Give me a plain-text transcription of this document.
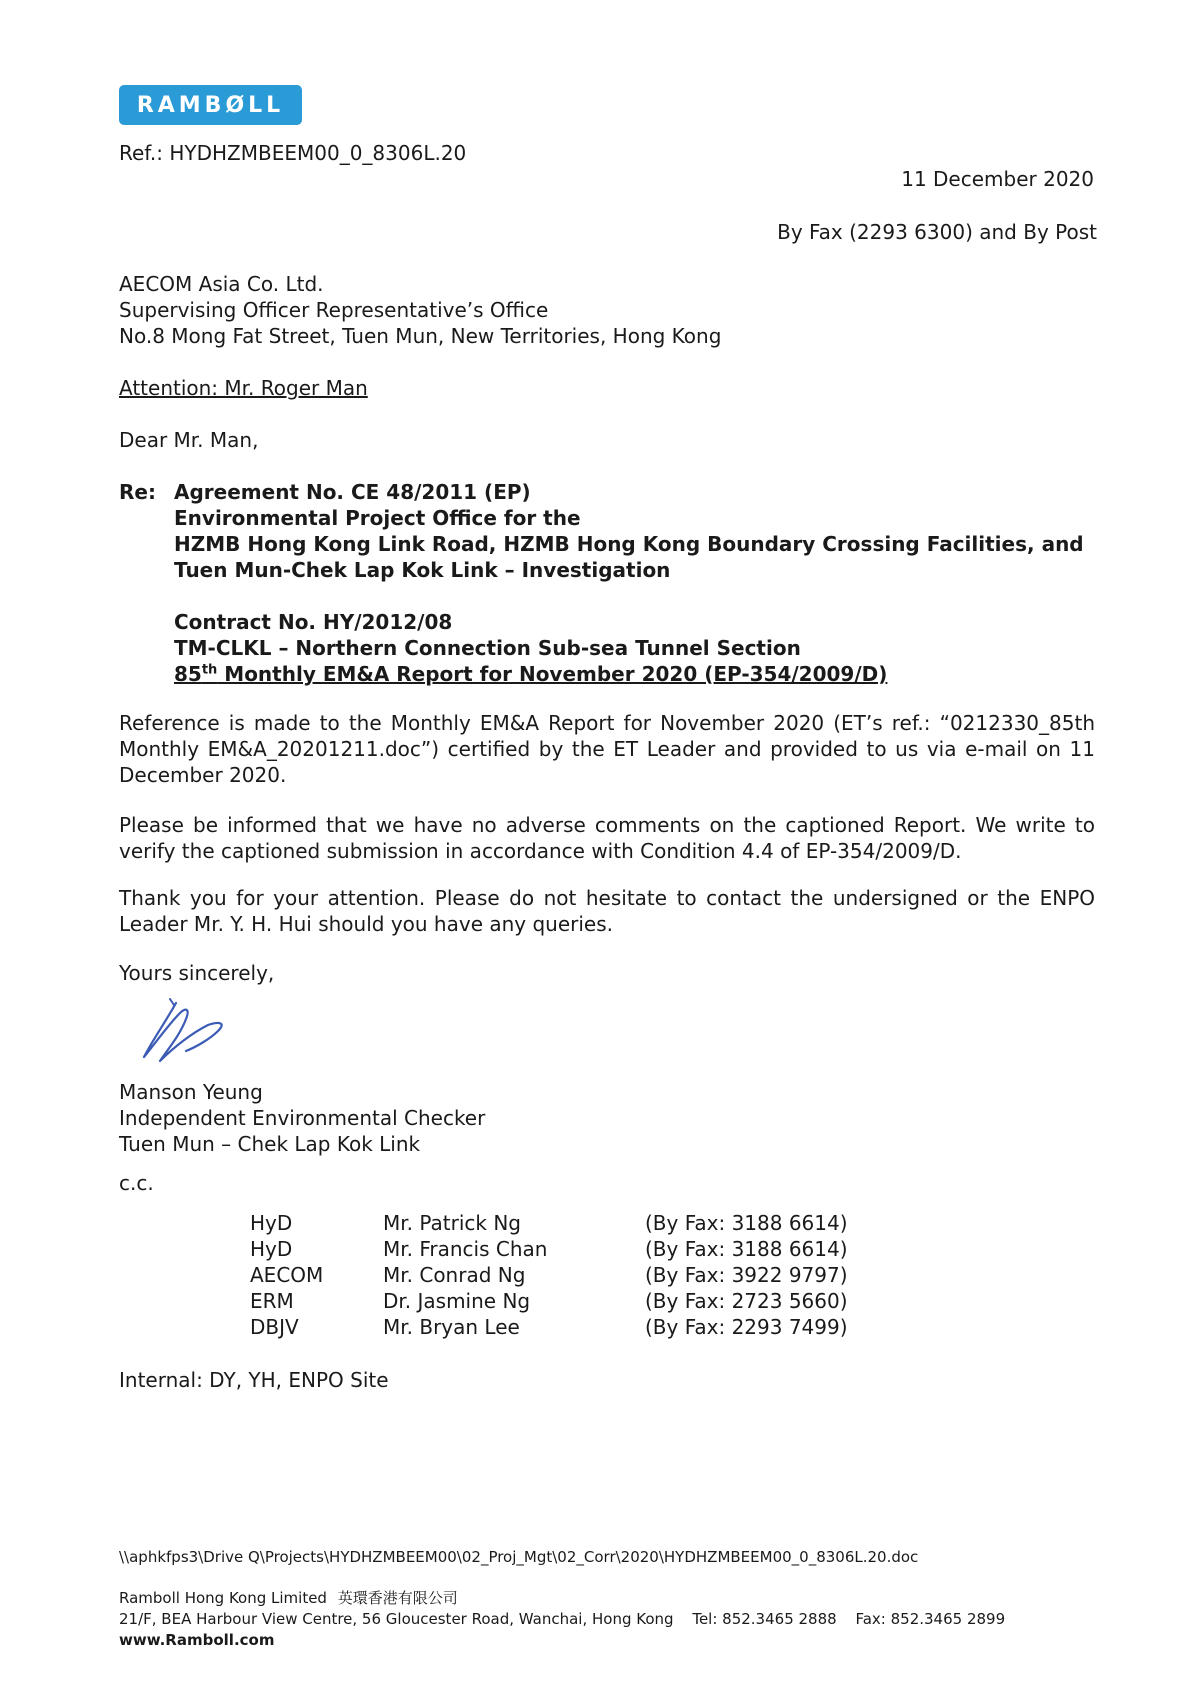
RAMBØLL
Ref.: HYDHZMBEEM00_0_8306L.20
11 December 2020
By Fax (2293 6300) and By Post
AECOM Asia Co. Ltd.
Supervising Officer Representative’s Office
No.8 Mong Fat Street, Tuen Mun, New Territories, Hong Kong
Attention: Mr. Roger Man
Dear Mr. Man,
Re: Agreement No. CE 48/2011 (EP)
Environmental Project Office for the
HZMB Hong Kong Link Road, HZMB Hong Kong Boundary Crossing Facilities, and
Tuen Mun-Chek Lap Kok Link – Investigation
Contract No. HY/2012/08
TM-CLKL – Northern Connection Sub-sea Tunnel Section
85th Monthly EM&A Report for November 2020 (EP-354/2009/D)
Reference is made to the Monthly EM&A Report for November 2020 (ET’s ref.: “0212330_85th Monthly EM&A_20201211.doc”) certified by the ET Leader and provided to us via e-mail on 11 December 2020.
Please be informed that we have no adverse comments on the captioned Report. We write to verify the captioned submission in accordance with Condition 4.4 of EP-354/2009/D.
Thank you for your attention. Please do not hesitate to contact the undersigned or the ENPO Leader Mr. Y. H. Hui should you have any queries.
Yours sincerely,
Manson Yeung
Independent Environmental Checker
Tuen Mun – Chek Lap Kok Link
c.c.
HyD	Mr. Patrick Ng	(By Fax: 3188 6614)
HyD	Mr. Francis Chan	(By Fax: 3188 6614)
AECOM	Mr. Conrad Ng	(By Fax: 3922 9797)
ERM	Dr. Jasmine Ng	(By Fax: 2723 5660)
DBJV	Mr. Bryan Lee	(By Fax: 2293 7499)
Internal: DY, YH, ENPO Site
\\aphkfps3\Drive Q\Projects\HYDHZMBEEM00\02_Proj_Mgt\02_Corr\2020\HYDHZMBEEM00_0_8306L.20.doc
Ramboll Hong Kong Limited 英環香港有限公司
21/F, BEA Harbour View Centre, 56 Gloucester Road, Wanchai, Hong Kong Tel: 852.3465 2888 Fax: 852.3465 2899
www.Ramboll.com
